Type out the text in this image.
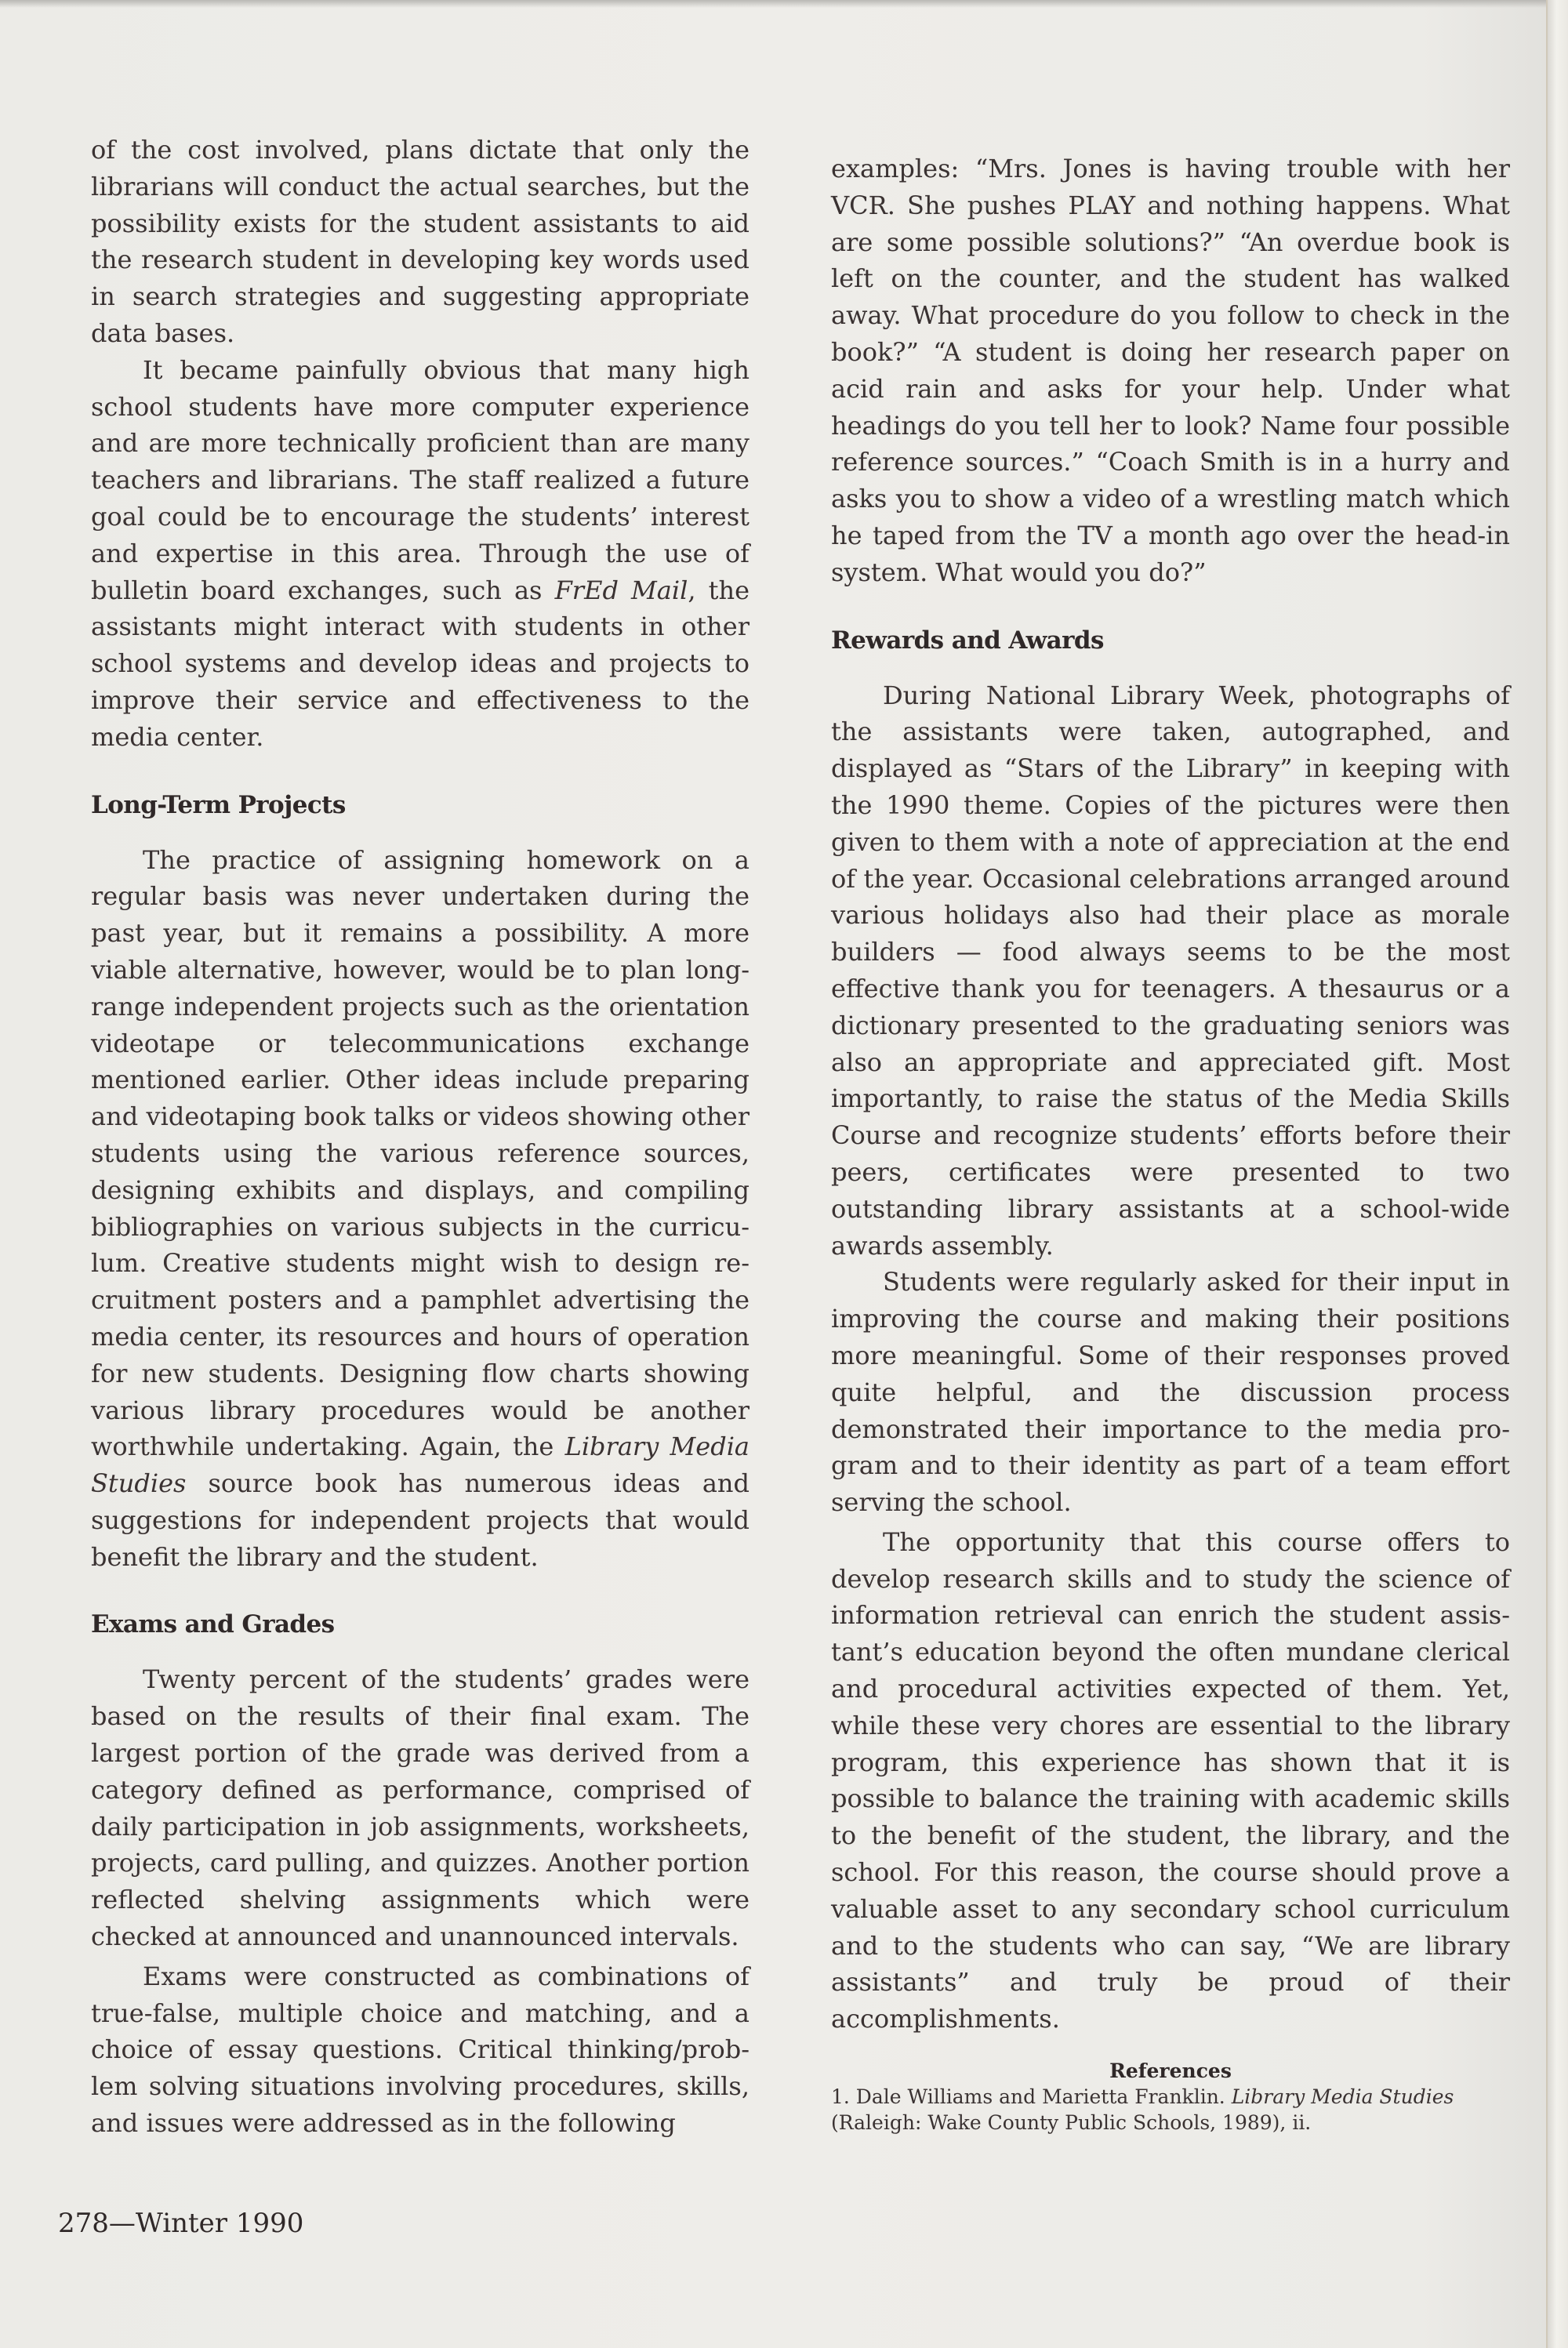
of the cost involved, plans dictate that only the librarians will conduct the actual searches, but the possibility exists for the student assistants to aid the research student in developing key words used in search strategies and suggesting appropriate data bases.

It became painfully obvious that many high school students have more computer experience and are more technically proficient than are many teachers and librarians. The staff realized a future goal could be to encourage the students’ interest and expertise in this area. Through the use of bulletin board exchanges, such as FrEd Mail, the assistants might interact with students in other school systems and develop ideas and projects to improve their service and effectiveness to the media center.

Long-Term Projects

The practice of assigning homework on a regular basis was never undertaken during the past year, but it remains a possibility. A more viable alternative, however, would be to plan long-range independent projects such as the orientation videotape or telecommunications exchange mentioned earlier. Other ideas include preparing and videotaping book talks or videos showing other students using the various reference sources, designing exhibits and displays, and compiling bibliographies on various subjects in the curriculum. Creative students might wish to design recruitment posters and a pamphlet advertising the media center, its resources and hours of operation for new students. Designing flow charts showing various library procedures would be another worthwhile undertaking. Again, the Library Media Studies source book has numerous ideas and suggestions for independent projects that would benefit the library and the student.

Exams and Grades

Twenty percent of the students’ grades were based on the results of their final exam. The largest portion of the grade was derived from a category defined as performance, comprised of daily participation in job assignments, worksheets, projects, card pulling, and quizzes. Another portion reflected shelving assignments which were checked at announced and unannounced intervals.

Exams were constructed as combinations of true-false, multiple choice and matching, and a choice of essay questions. Critical thinking/problem solving situations involving procedures, skills, and issues were addressed as in the following

examples: “Mrs. Jones is having trouble with her VCR. She pushes PLAY and nothing happens. What are some possible solutions?” “An overdue book is left on the counter, and the student has walked away. What procedure do you follow to check in the book?” “A student is doing her research paper on acid rain and asks for your help. Under what headings do you tell her to look? Name four possible reference sources.” “Coach Smith is in a hurry and asks you to show a video of a wrestling match which he taped from the TV a month ago over the head-in system. What would you do?”

Rewards and Awards

During National Library Week, photographs of the assistants were taken, autographed, and displayed as “Stars of the Library” in keeping with the 1990 theme. Copies of the pictures were then given to them with a note of appreciation at the end of the year. Occasional celebrations arranged around various holidays also had their place as morale builders — food always seems to be the most effective thank you for teenagers. A thesaurus or a dictionary presented to the graduating seniors was also an appropriate and appreciated gift. Most importantly, to raise the status of the Media Skills Course and recognize students’ efforts before their peers, certificates were presented to two outstanding library assistants at a school-wide awards assembly.

Students were regularly asked for their input in improving the course and making their positions more meaningful. Some of their responses proved quite helpful, and the discussion process demonstrated their importance to the media program and to their identity as part of a team effort serving the school.

The opportunity that this course offers to develop research skills and to study the science of information retrieval can enrich the student assistant’s education beyond the often mundane clerical and procedural activities expected of them. Yet, while these very chores are essential to the library program, this experience has shown that it is possible to balance the training with academic skills to the benefit of the student, the library, and the school. For this reason, the course should prove a valuable asset to any secondary school curriculum and to the students who can say, “We are library assistants” and truly be proud of their accomplishments.

References

1. Dale Williams and Marietta Franklin. Library Media Studies (Raleigh: Wake County Public Schools, 1989), ii.

278—Winter 1990
